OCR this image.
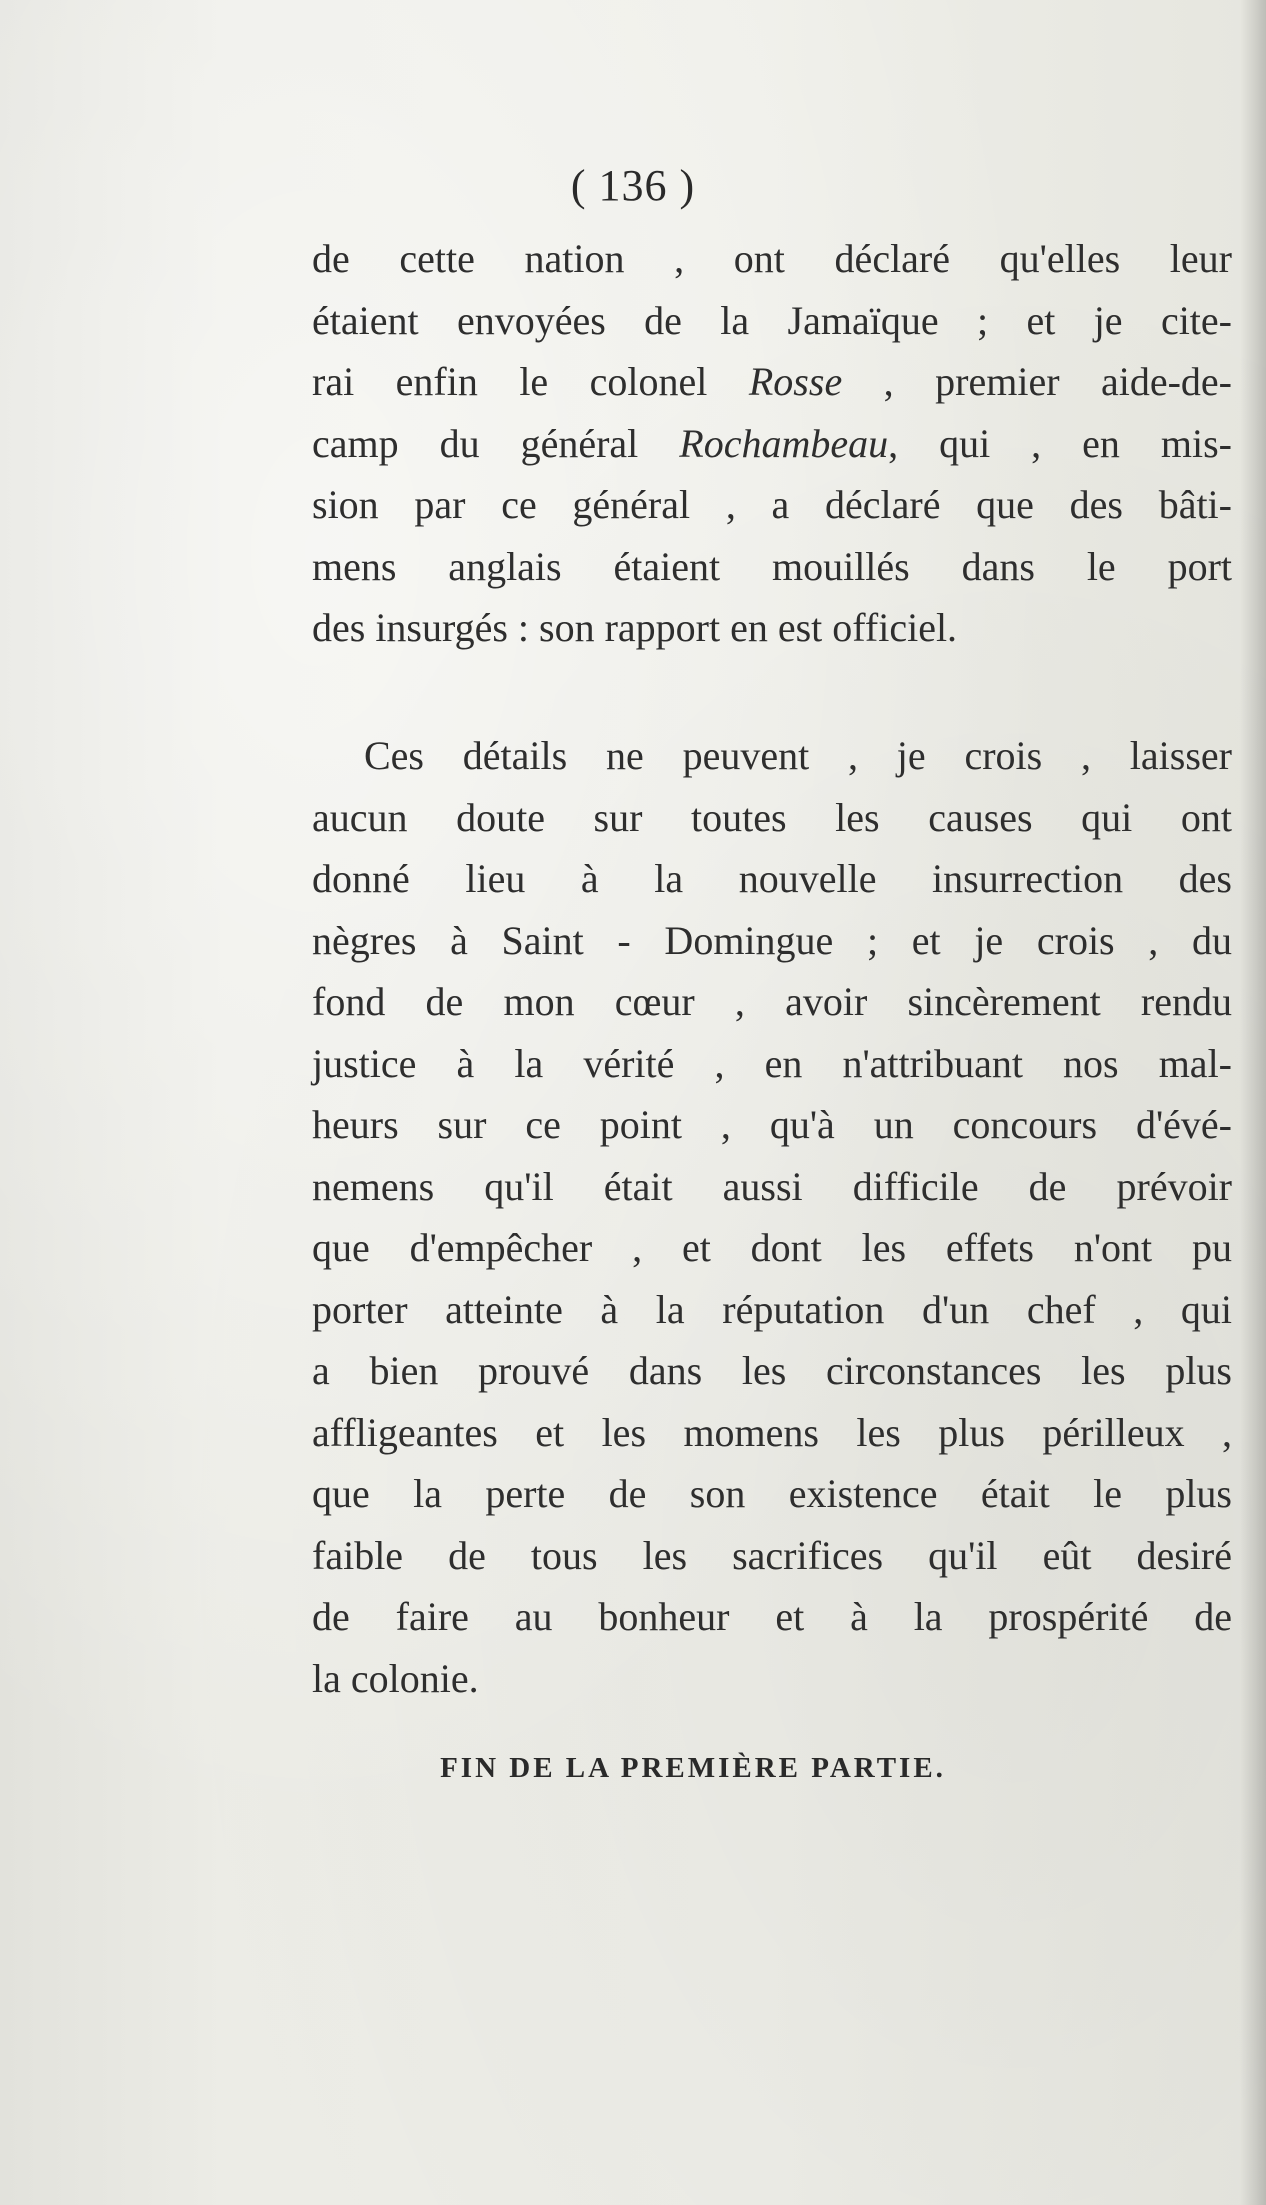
( 136 )
de cette nation , ont déclaré qu'elles leur
étaient envoyées de la Jamaïque ; et je cite-
rai enfin le colonel Rosse , premier aide-de-
camp du général Rochambeau, qui , en mis-
sion par ce général , a déclaré que des bâti-
mens anglais étaient mouillés dans le port
des insurgés : son rapport en est officiel.
Ces détails ne peuvent , je crois , laisser
aucun doute sur toutes les causes qui ont
donné lieu à la nouvelle insurrection des
nègres à Saint - Domingue ; et je crois , du
fond de mon cœur , avoir sincèrement rendu
justice à la vérité , en n'attribuant nos mal-
heurs sur ce point , qu'à un concours d'évé-
nemens qu'il était aussi difficile de prévoir
que d'empêcher , et dont les effets n'ont pu
porter atteinte à la réputation d'un chef , qui
a bien prouvé dans les circonstances les plus
affligeantes et les momens les plus périlleux ,
que la perte de son existence était le plus
faible de tous les sacrifices qu'il eût desiré
de faire au bonheur et à la prospérité de
la colonie.
FIN DE LA PREMIÈRE PARTIE.
